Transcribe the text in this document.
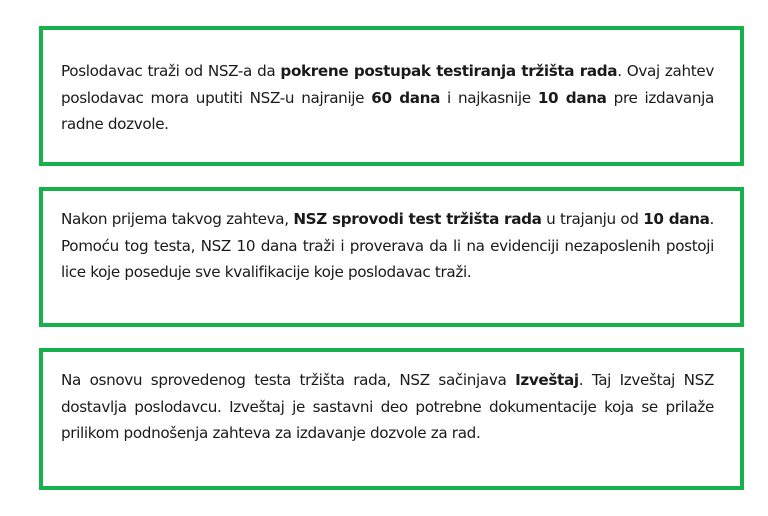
Poslodavac traži od NSZ-a da pokrene postupak testiranja tržišta rada. Ovaj zahtev poslodavac mora uputiti NSZ-u najranije 60 dana i najkasnije 10 dana pre izdavanja radne dozvole.

Nakon prijema takvog zahteva, NSZ sprovodi test tržišta rada u trajanju od 10 dana. Pomoću tog testa, NSZ 10 dana traži i proverava da li na evidenciji nezaposlenih postoji lice koje poseduje sve kvalifikacije koje poslodavac traži.

Na osnovu sprovedenog testa tržišta rada, NSZ sačinjava Izveštaj. Taj Izveštaj NSZ dostavlja poslodavcu. Izveštaj je sastavni deo potrebne dokumentacije koja se prilaže prilikom podnošenja zahteva za izdavanje dozvole za rad.
